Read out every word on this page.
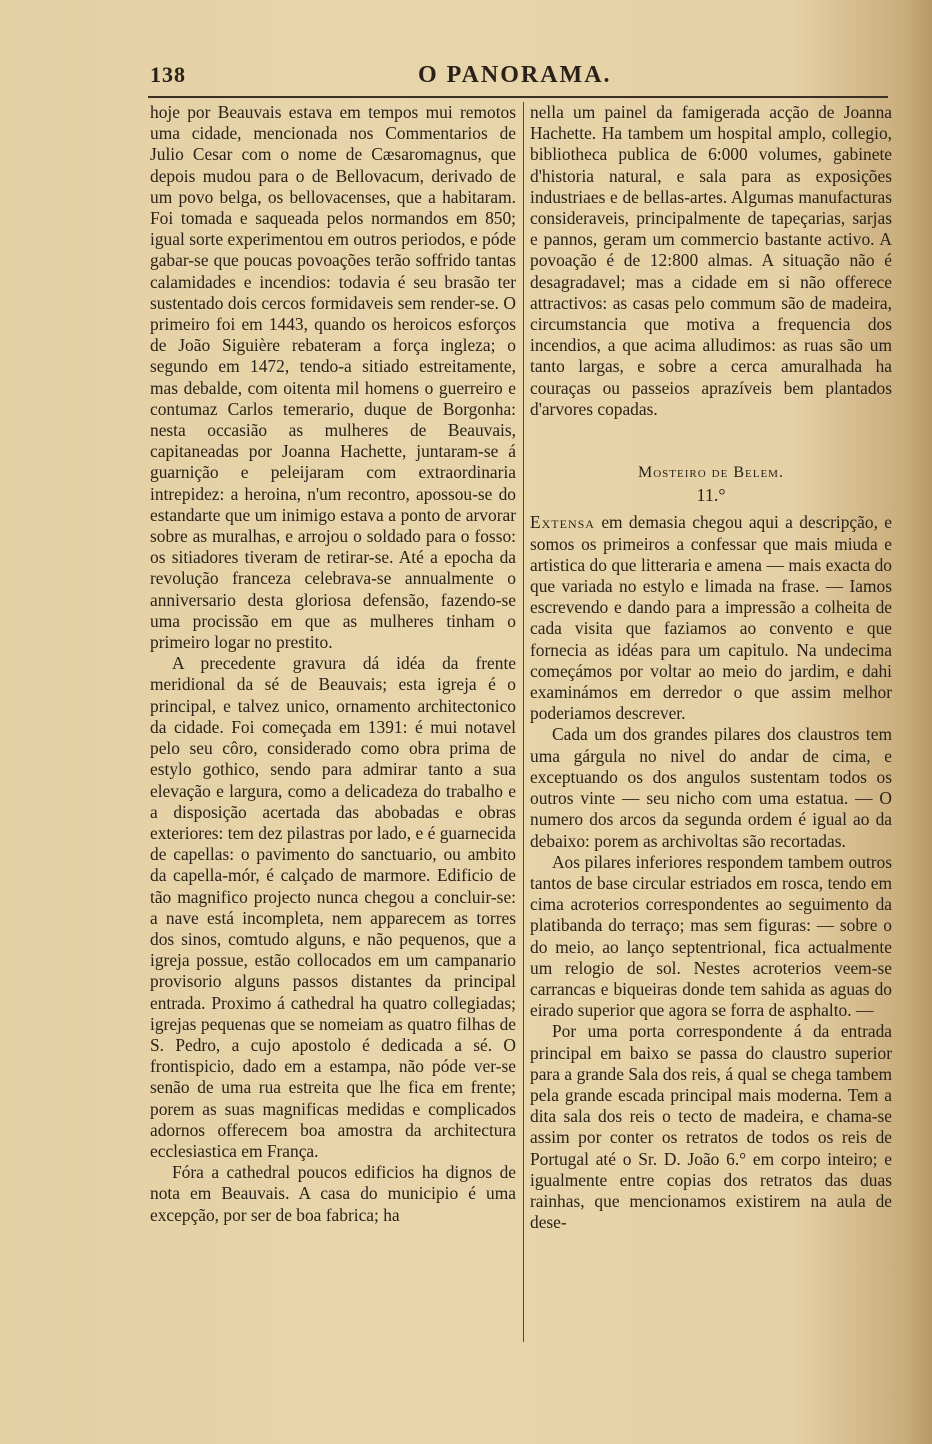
138	O PANORAMA.

hoje por Beauvais estava em tempos mui remotos uma cidade, mencionada nos Commentarios de Julio Cesar com o nome de Cæsaromagnus, que depois mudou para o de Bellovacum, derivado de um povo belga, os bellovacenses, que a habitaram. Foi tomada e saqueada pelos normandos em 850; igual sorte experimentou em outros periodos, e póde gabar-se que poucas povoações terão soffrido tantas calamidades e incendios: todavia é seu brasão ter sustentado dois cercos formidaveis sem render-se. O primeiro foi em 1443, quando os heroicos esforços de João Siguière rebateram a força ingleza; o segundo em 1472, tendo-a sitiado estreitamente, mas debalde, com oitenta mil homens o guerreiro e contumaz Carlos temerario, duque de Borgonha: nesta occasião as mulheres de Beauvais, capitaneadas por Joanna Hachette, juntaram-se á guarnição e peleijaram com extraordinaria intrepidez: a heroina, n'um recontro, apossou-se do estandarte que um inimigo estava a ponto de arvorar sobre as muralhas, e arrojou o soldado para o fosso: os sitiadores tiveram de retirar-se. Até a epocha da revolução franceza celebrava-se annualmente o anniversario desta gloriosa defensão, fazendo-se uma procissão em que as mulheres tinham o primeiro logar no prestito.

A precedente gravura dá idéa da frente meridional da sé de Beauvais; esta igreja é o principal, e talvez unico, ornamento architectonico da cidade. Foi começada em 1391: é mui notavel pelo seu côro, considerado como obra prima de estylo gothico, sendo para admirar tanto a sua elevação e largura, como a delicadeza do trabalho e a disposição acertada das abobadas e obras exteriores: tem dez pilastras por lado, e é guarnecida de capellas: o pavimento do sanctuario, ou ambito da capella-mór, é calçado de marmore. Edificio de tão magnifico projecto nunca chegou a concluir-se: a nave está incompleta, nem apparecem as torres dos sinos, comtudo alguns, e não pequenos, que a igreja possue, estão collocados em um campanario provisorio alguns passos distantes da principal entrada. Proximo á cathedral ha quatro collegiadas; igrejas pequenas que se nomeiam as quatro filhas de S. Pedro, a cujo apostolo é dedicada a sé. O frontispicio, dado em a estampa, não póde ver-se senão de uma rua estreita que lhe fica em frente; porem as suas magnificas medidas e complicados adornos offerecem boa amostra da architectura ecclesiastica em França.

Fóra a cathedral poucos edificios ha dignos de nota em Beauvais. A casa do municipio é uma excepção, por ser de boa fabrica; ha

nella um painel da famigerada acção de Joanna Hachette. Ha tambem um hospital amplo, collegio, bibliotheca publica de 6:000 volumes, gabinete d'historia natural, e sala para as exposições industriaes e de bellas-artes. Algumas manufacturas consideraveis, principalmente de tapeçarias, sarjas e pannos, geram um commercio bastante activo. A povoação é de 12:800 almas. A situação não é desagradavel; mas a cidade em si não offerece attractivos: as casas pelo commum são de madeira, circumstancia que motiva a frequencia dos incendios, a que acima alludimos: as ruas são um tanto largas, e sobre a cerca amuralhada ha couraças ou passeios aprazíveis bem plantados d'arvores copadas.

Mosteiro de Belem.
11.°

Extensa em demasia chegou aqui a descripção, e somos os primeiros a confessar que mais miuda e artistica do que litteraria e amena — mais exacta do que variada no estylo e limada na frase. — Iamos escrevendo e dando para a impressão a colheita de cada visita que faziamos ao convento e que fornecia as idéas para um capitulo. Na undecima começámos por voltar ao meio do jardim, e dahi examinámos em derredor o que assim melhor poderiamos descrever.

Cada um dos grandes pilares dos claustros tem uma gárgula no nivel do andar de cima, e exceptuando os dos angulos sustentam todos os outros vinte — seu nicho com uma estatua. — O numero dos arcos da segunda ordem é igual ao da debaixo: porem as archivoltas são recortadas.

Aos pilares inferiores respondem tambem outros tantos de base circular estriados em rosca, tendo em cima acroterios correspondentes ao seguimento da platibanda do terraço; mas sem figuras: — sobre o do meio, ao lanço septentrional, fica actualmente um relogio de sol. Nestes acroterios veem-se carrancas e biqueiras donde tem sahida as aguas do eirado superior que agora se forra de asphalto. —

Por uma porta correspondente á da entrada principal em baixo se passa do claustro superior para a grande Sala dos reis, á qual se chega tambem pela grande escada principal mais moderna. Tem a dita sala dos reis o tecto de madeira, e chama-se assim por conter os retratos de todos os reis de Portugal até o Sr. D. João 6.° em corpo inteiro; e igualmente entre copias dos retratos das duas rainhas, que mencionamos existirem na aula de dese-
